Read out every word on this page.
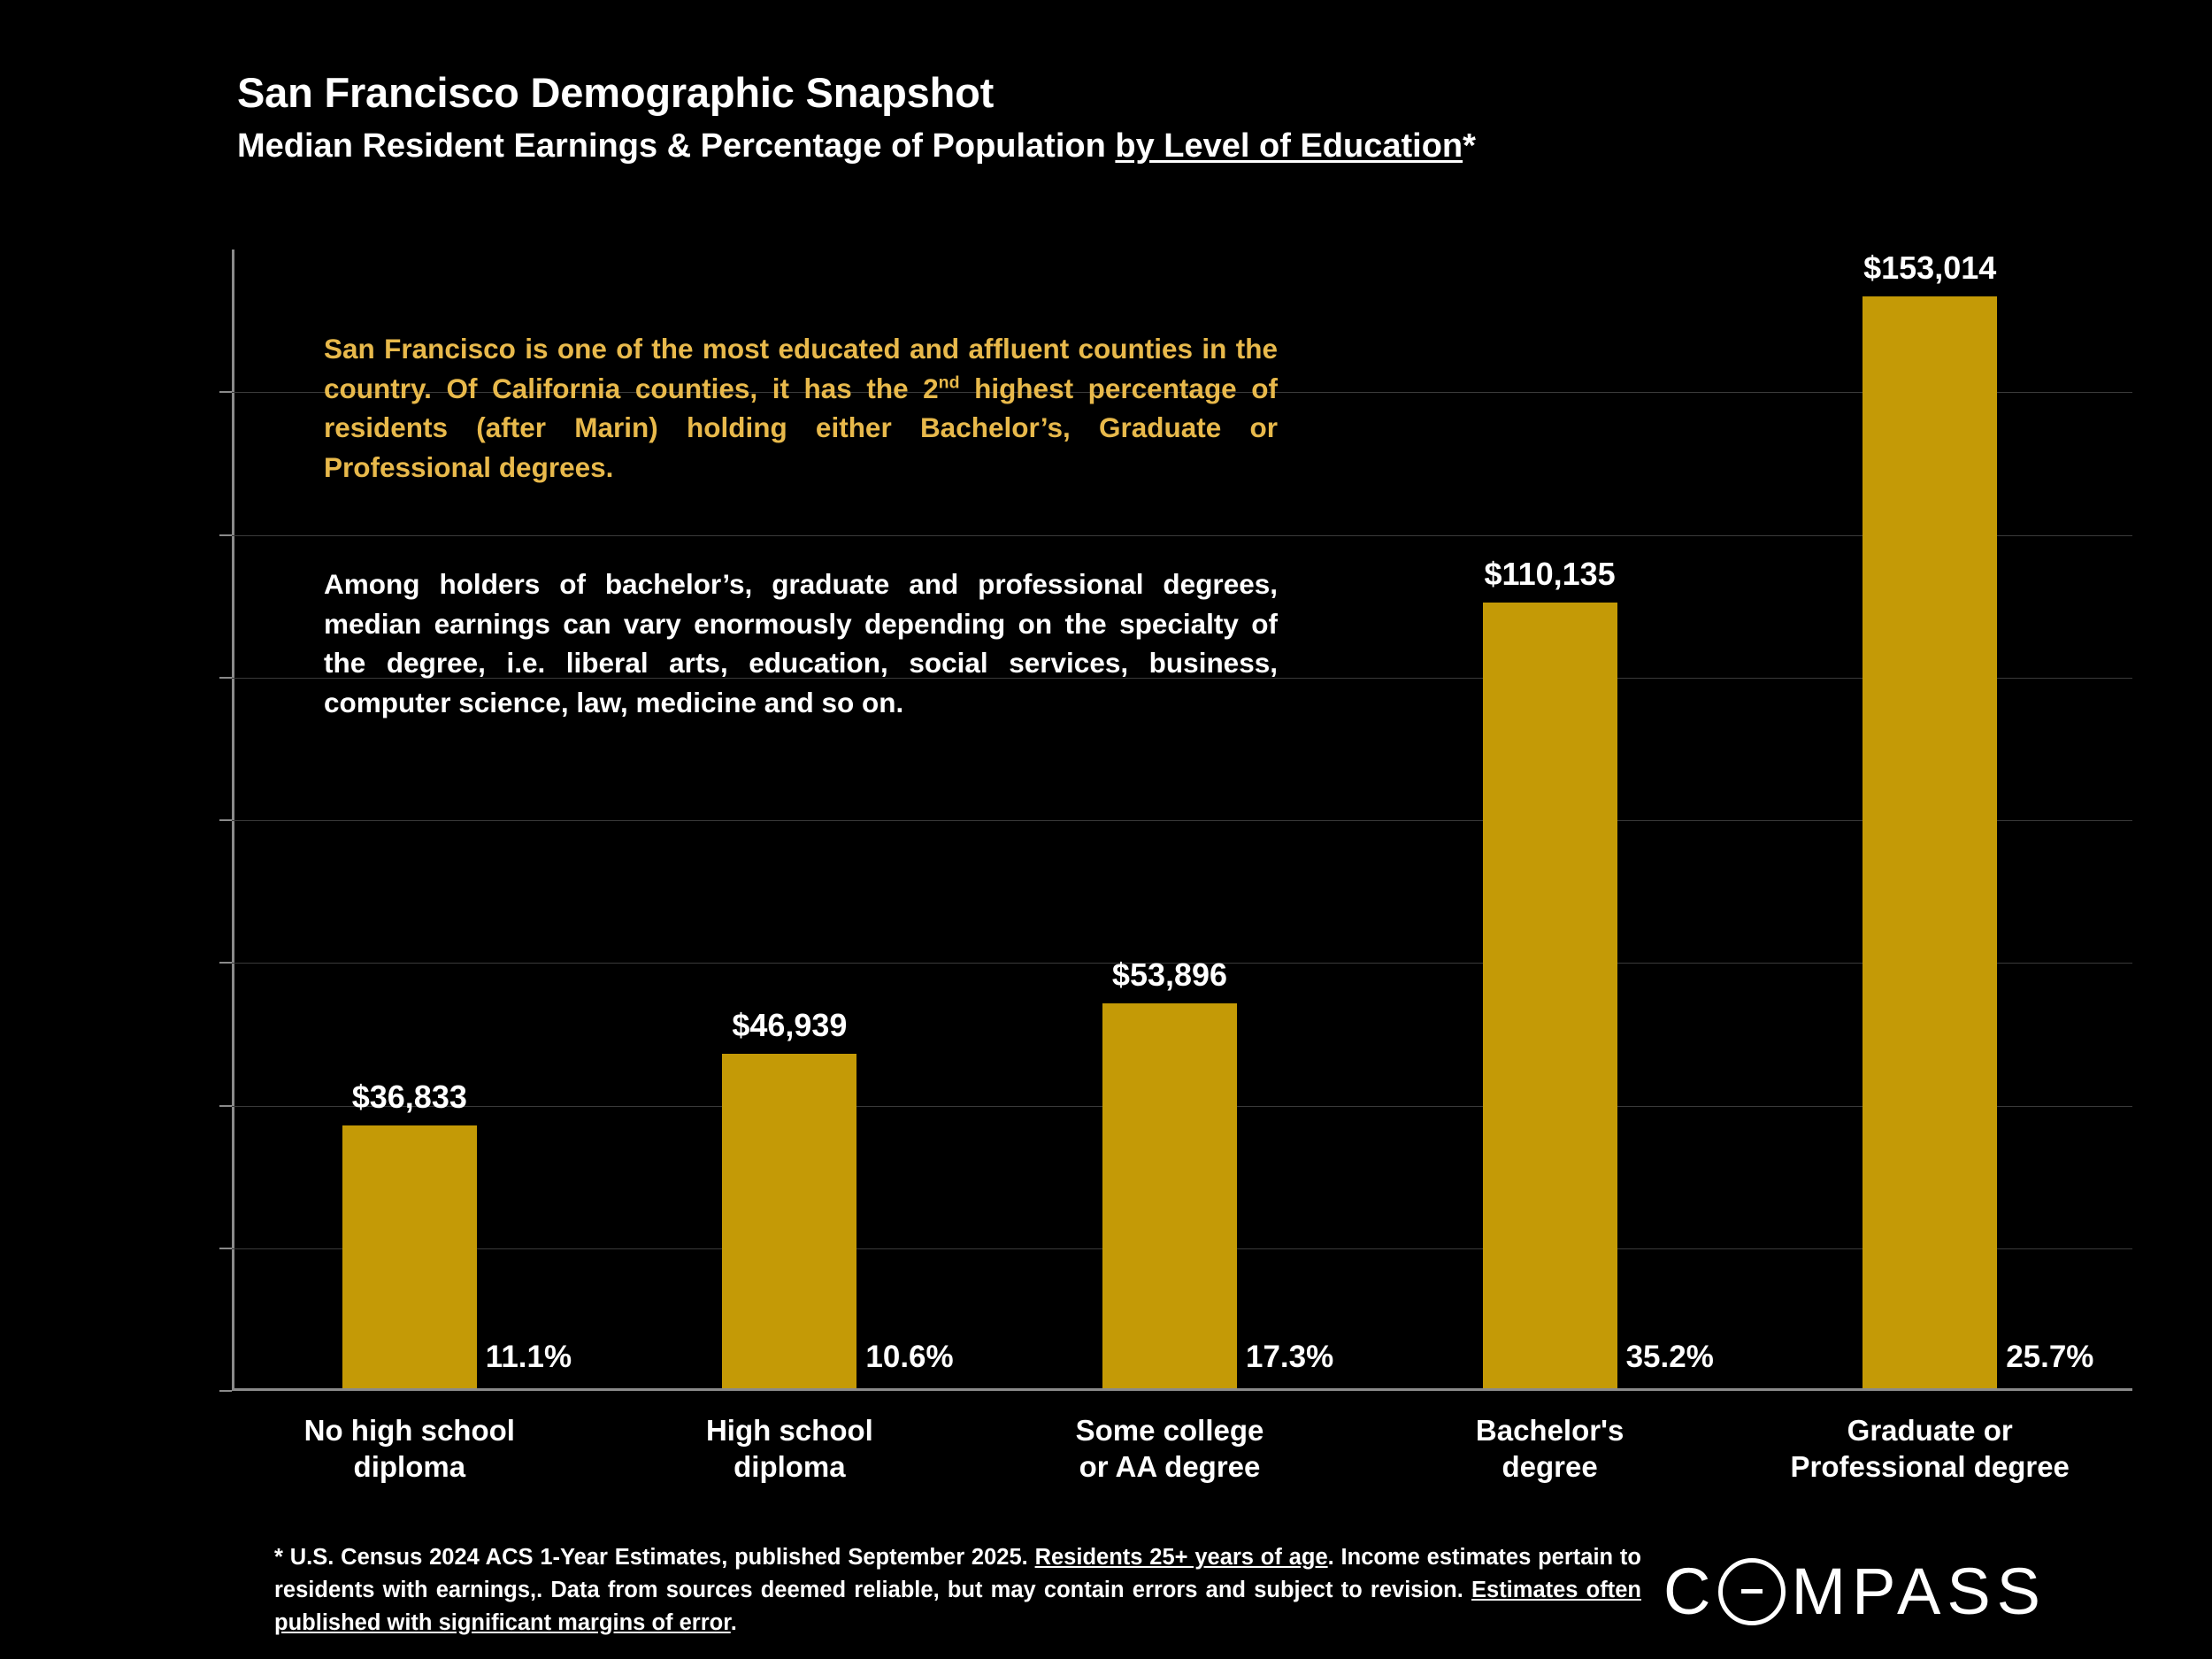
San Francisco Demographic Snapshot
Median Resident Earnings & Percentage of Population by Level of Education*
$36,833
11.1%
No high school
diploma
$46,939
10.6%
High school
diploma
$53,896
17.3%
Some college
or AA degree
$110,135
35.2%
Bachelor's
degree
$153,014
25.7%
Graduate or
Professional degree
San Francisco is one of the most educated and affluent counties in the country. Of California counties, it has the 2nd highest percentage of residents (after Marin) holding either Bachelor’s, Graduate or Professional degrees.
Among holders of bachelor’s, graduate and professional degrees, median earnings can vary enormously depending on the specialty of the degree, i.e. liberal arts, education, social services, business, computer science, law, medicine and so on.
* U.S. Census 2024 ACS 1-Year Estimates, published September 2025. Residents 25+ years of age. Income estimates pertain to residents with earnings,. Data from sources deemed reliable, but may contain errors and subject to revision. Estimates often published with significant margins of error.	C MPASS
